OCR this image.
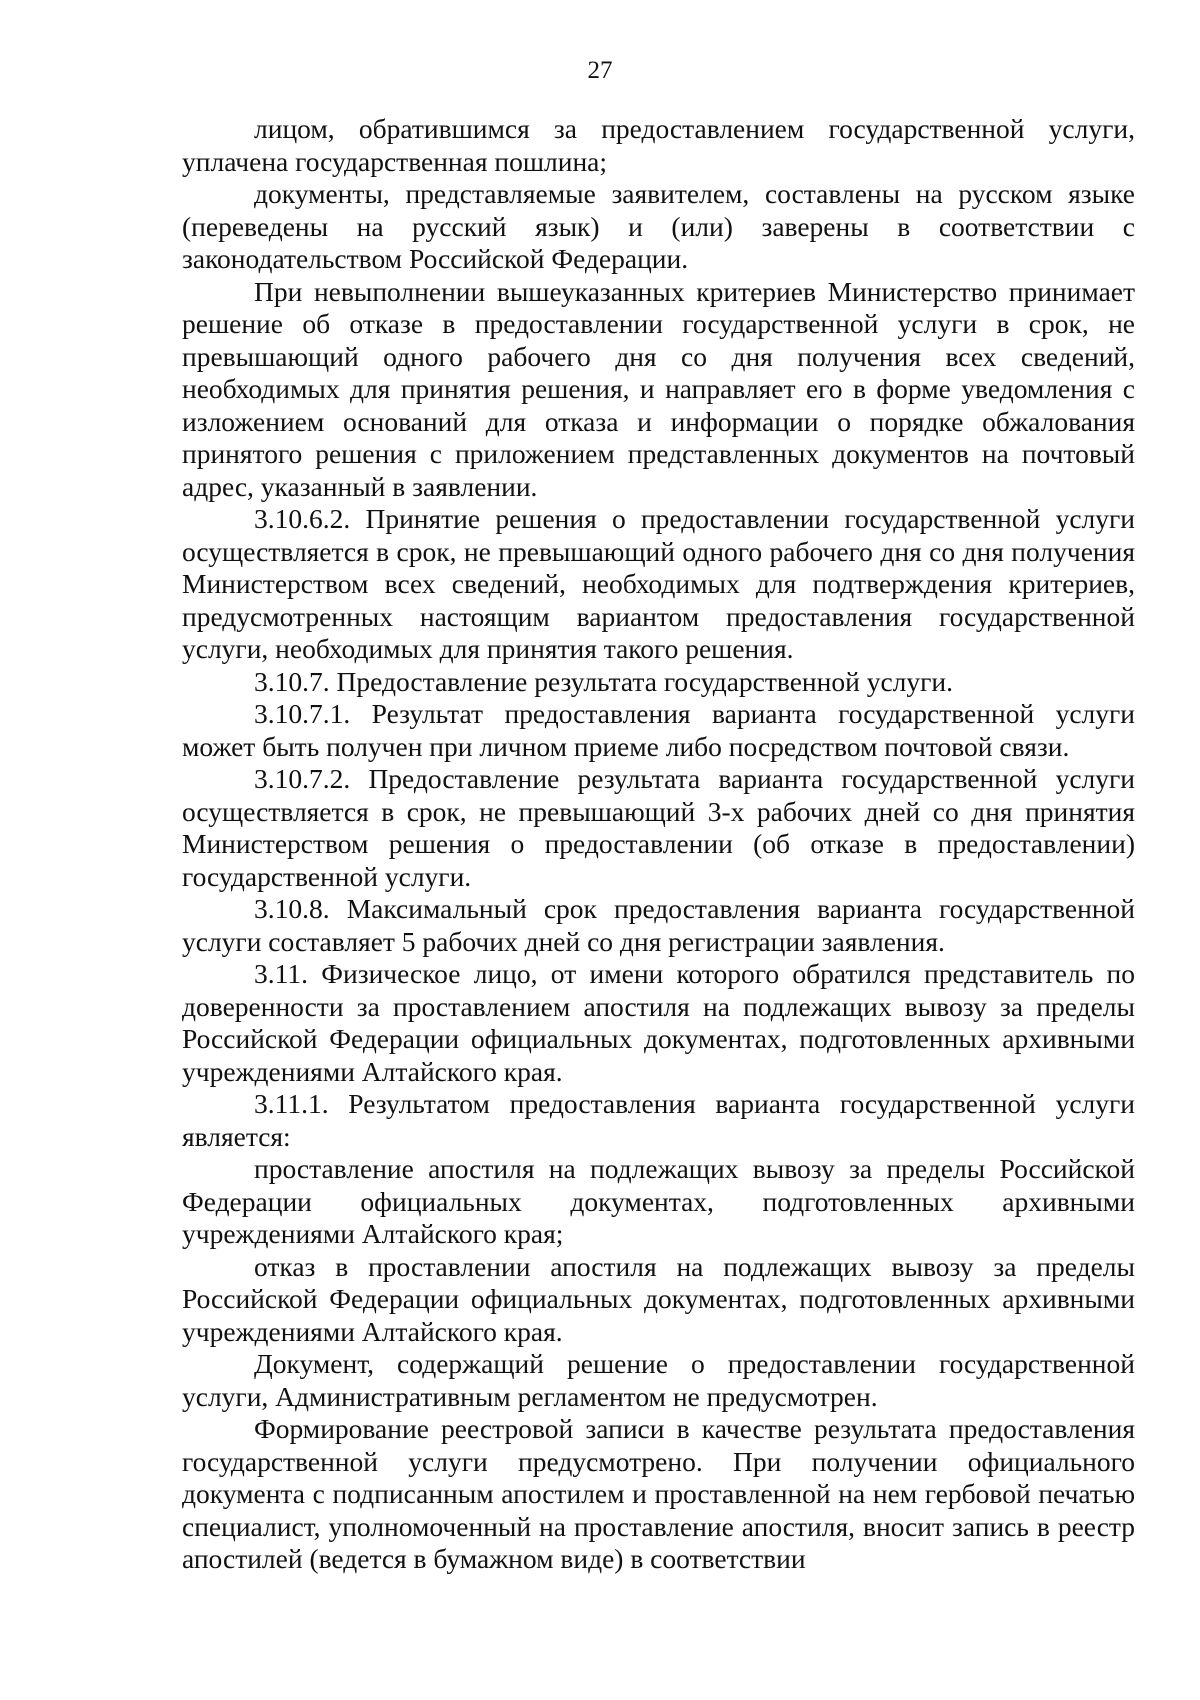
27

лицом, обратившимся за предоставлением государственной услуги, уплачена государственная пошлина;

документы, представляемые заявителем, составлены на русском языке (переведены на русский язык) и (или) заверены в соответствии с законодательством Российской Федерации.

При невыполнении вышеуказанных критериев Министерство принимает решение об отказе в предоставлении государственной услуги в срок, не превышающий одного рабочего дня со дня получения всех сведений, необходимых для принятия решения, и направляет его в форме уведомления с изложением оснований для отказа и информации о порядке обжалования принятого решения с приложением представленных документов на почтовый адрес, указанный в заявлении.

3.10.6.2. Принятие решения о предоставлении государственной услуги осуществляется в срок, не превышающий одного рабочего дня со дня получения Министерством всех сведений, необходимых для подтверждения критериев, предусмотренных настоящим вариантом предоставления государственной услуги, необходимых для принятия такого решения.

3.10.7. Предоставление результата государственной услуги.

3.10.7.1. Результат предоставления варианта государственной услуги может быть получен при личном приеме либо посредством почтовой связи.

3.10.7.2. Предоставление результата варианта государственной услуги осуществляется в срок, не превышающий 3-х рабочих дней со дня принятия Министерством решения о предоставлении (об отказе в предоставлении) государственной услуги.

3.10.8. Максимальный срок предоставления варианта государственной услуги составляет 5 рабочих дней со дня регистрации заявления.

3.11. Физическое лицо, от имени которого обратился представитель по доверенности за проставлением апостиля на подлежащих вывозу за пределы Российской Федерации официальных документах, подготовленных архивными учреждениями Алтайского края.

3.11.1. Результатом предоставления варианта государственной услуги является:

проставление апостиля на подлежащих вывозу за пределы Российской Федерации официальных документах, подготовленных архивными учреждениями Алтайского края;

отказ в проставлении апостиля на подлежащих вывозу за пределы Российской Федерации официальных документах, подготовленных архивными учреждениями Алтайского края.

Документ, содержащий решение о предоставлении государственной услуги, Административным регламентом не предусмотрен.

Формирование реестровой записи в качестве результата предоставления государственной услуги предусмотрено. При получении официального документа с подписанным апостилем и проставленной на нем гербовой печатью специалист, уполномоченный на проставление апостиля, вносит запись в реестр апостилей (ведется в бумажном виде) в соответствии
